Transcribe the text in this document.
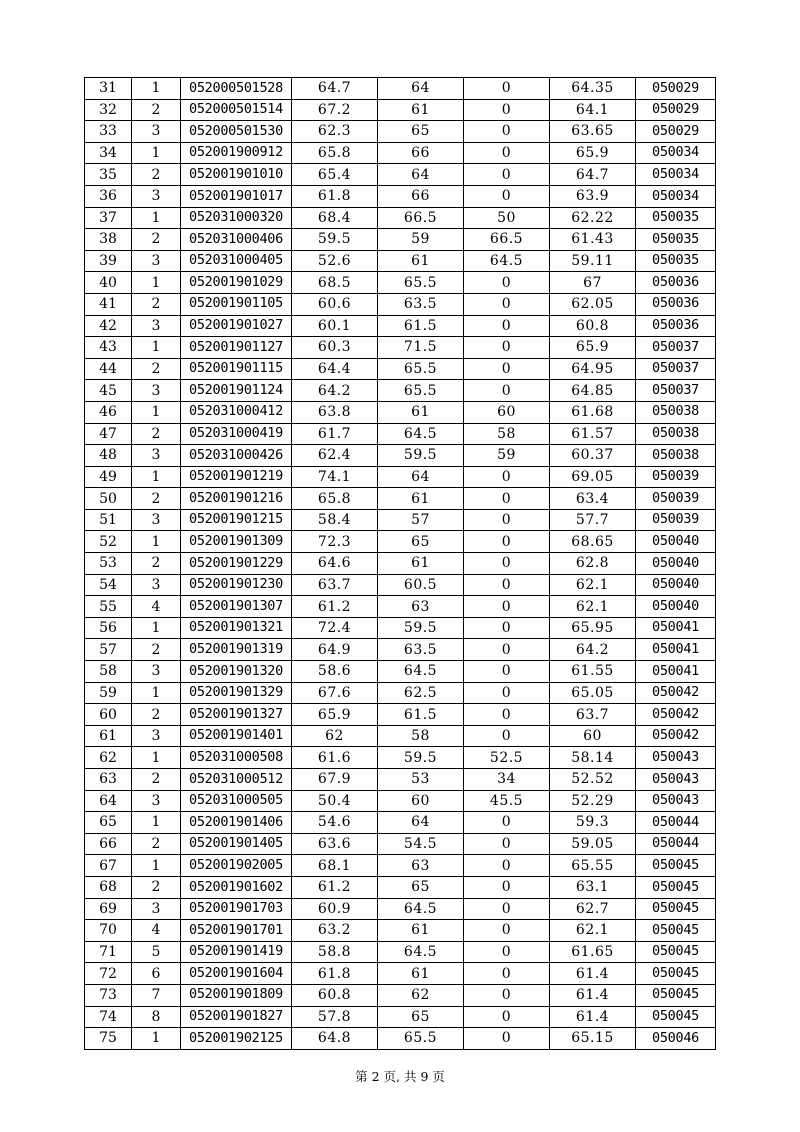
31	1	052000501528	64.7	64	0	64.35	050029
32	2	052000501514	67.2	61	0	64.1	050029
33	3	052000501530	62.3	65	0	63.65	050029
34	1	052001900912	65.8	66	0	65.9	050034
35	2	052001901010	65.4	64	0	64.7	050034
36	3	052001901017	61.8	66	0	63.9	050034
37	1	052031000320	68.4	66.5	50	62.22	050035
38	2	052031000406	59.5	59	66.5	61.43	050035
39	3	052031000405	52.6	61	64.5	59.11	050035
40	1	052001901029	68.5	65.5	0	67	050036
41	2	052001901105	60.6	63.5	0	62.05	050036
42	3	052001901027	60.1	61.5	0	60.8	050036
43	1	052001901127	60.3	71.5	0	65.9	050037
44	2	052001901115	64.4	65.5	0	64.95	050037
45	3	052001901124	64.2	65.5	0	64.85	050037
46	1	052031000412	63.8	61	60	61.68	050038
47	2	052031000419	61.7	64.5	58	61.57	050038
48	3	052031000426	62.4	59.5	59	60.37	050038
49	1	052001901219	74.1	64	0	69.05	050039
50	2	052001901216	65.8	61	0	63.4	050039
51	3	052001901215	58.4	57	0	57.7	050039
52	1	052001901309	72.3	65	0	68.65	050040
53	2	052001901229	64.6	61	0	62.8	050040
54	3	052001901230	63.7	60.5	0	62.1	050040
55	4	052001901307	61.2	63	0	62.1	050040
56	1	052001901321	72.4	59.5	0	65.95	050041
57	2	052001901319	64.9	63.5	0	64.2	050041
58	3	052001901320	58.6	64.5	0	61.55	050041
59	1	052001901329	67.6	62.5	0	65.05	050042
60	2	052001901327	65.9	61.5	0	63.7	050042
61	3	052001901401	62	58	0	60	050042
62	1	052031000508	61.6	59.5	52.5	58.14	050043
63	2	052031000512	67.9	53	34	52.52	050043
64	3	052031000505	50.4	60	45.5	52.29	050043
65	1	052001901406	54.6	64	0	59.3	050044
66	2	052001901405	63.6	54.5	0	59.05	050044
67	1	052001902005	68.1	63	0	65.55	050045
68	2	052001901602	61.2	65	0	63.1	050045
69	3	052001901703	60.9	64.5	0	62.7	050045
70	4	052001901701	63.2	61	0	62.1	050045
71	5	052001901419	58.8	64.5	0	61.65	050045
72	6	052001901604	61.8	61	0	61.4	050045
73	7	052001901809	60.8	62	0	61.4	050045
74	8	052001901827	57.8	65	0	61.4	050045
75	1	052001902125	64.8	65.5	0	65.15	050046
第 2 页, 共 9 页
